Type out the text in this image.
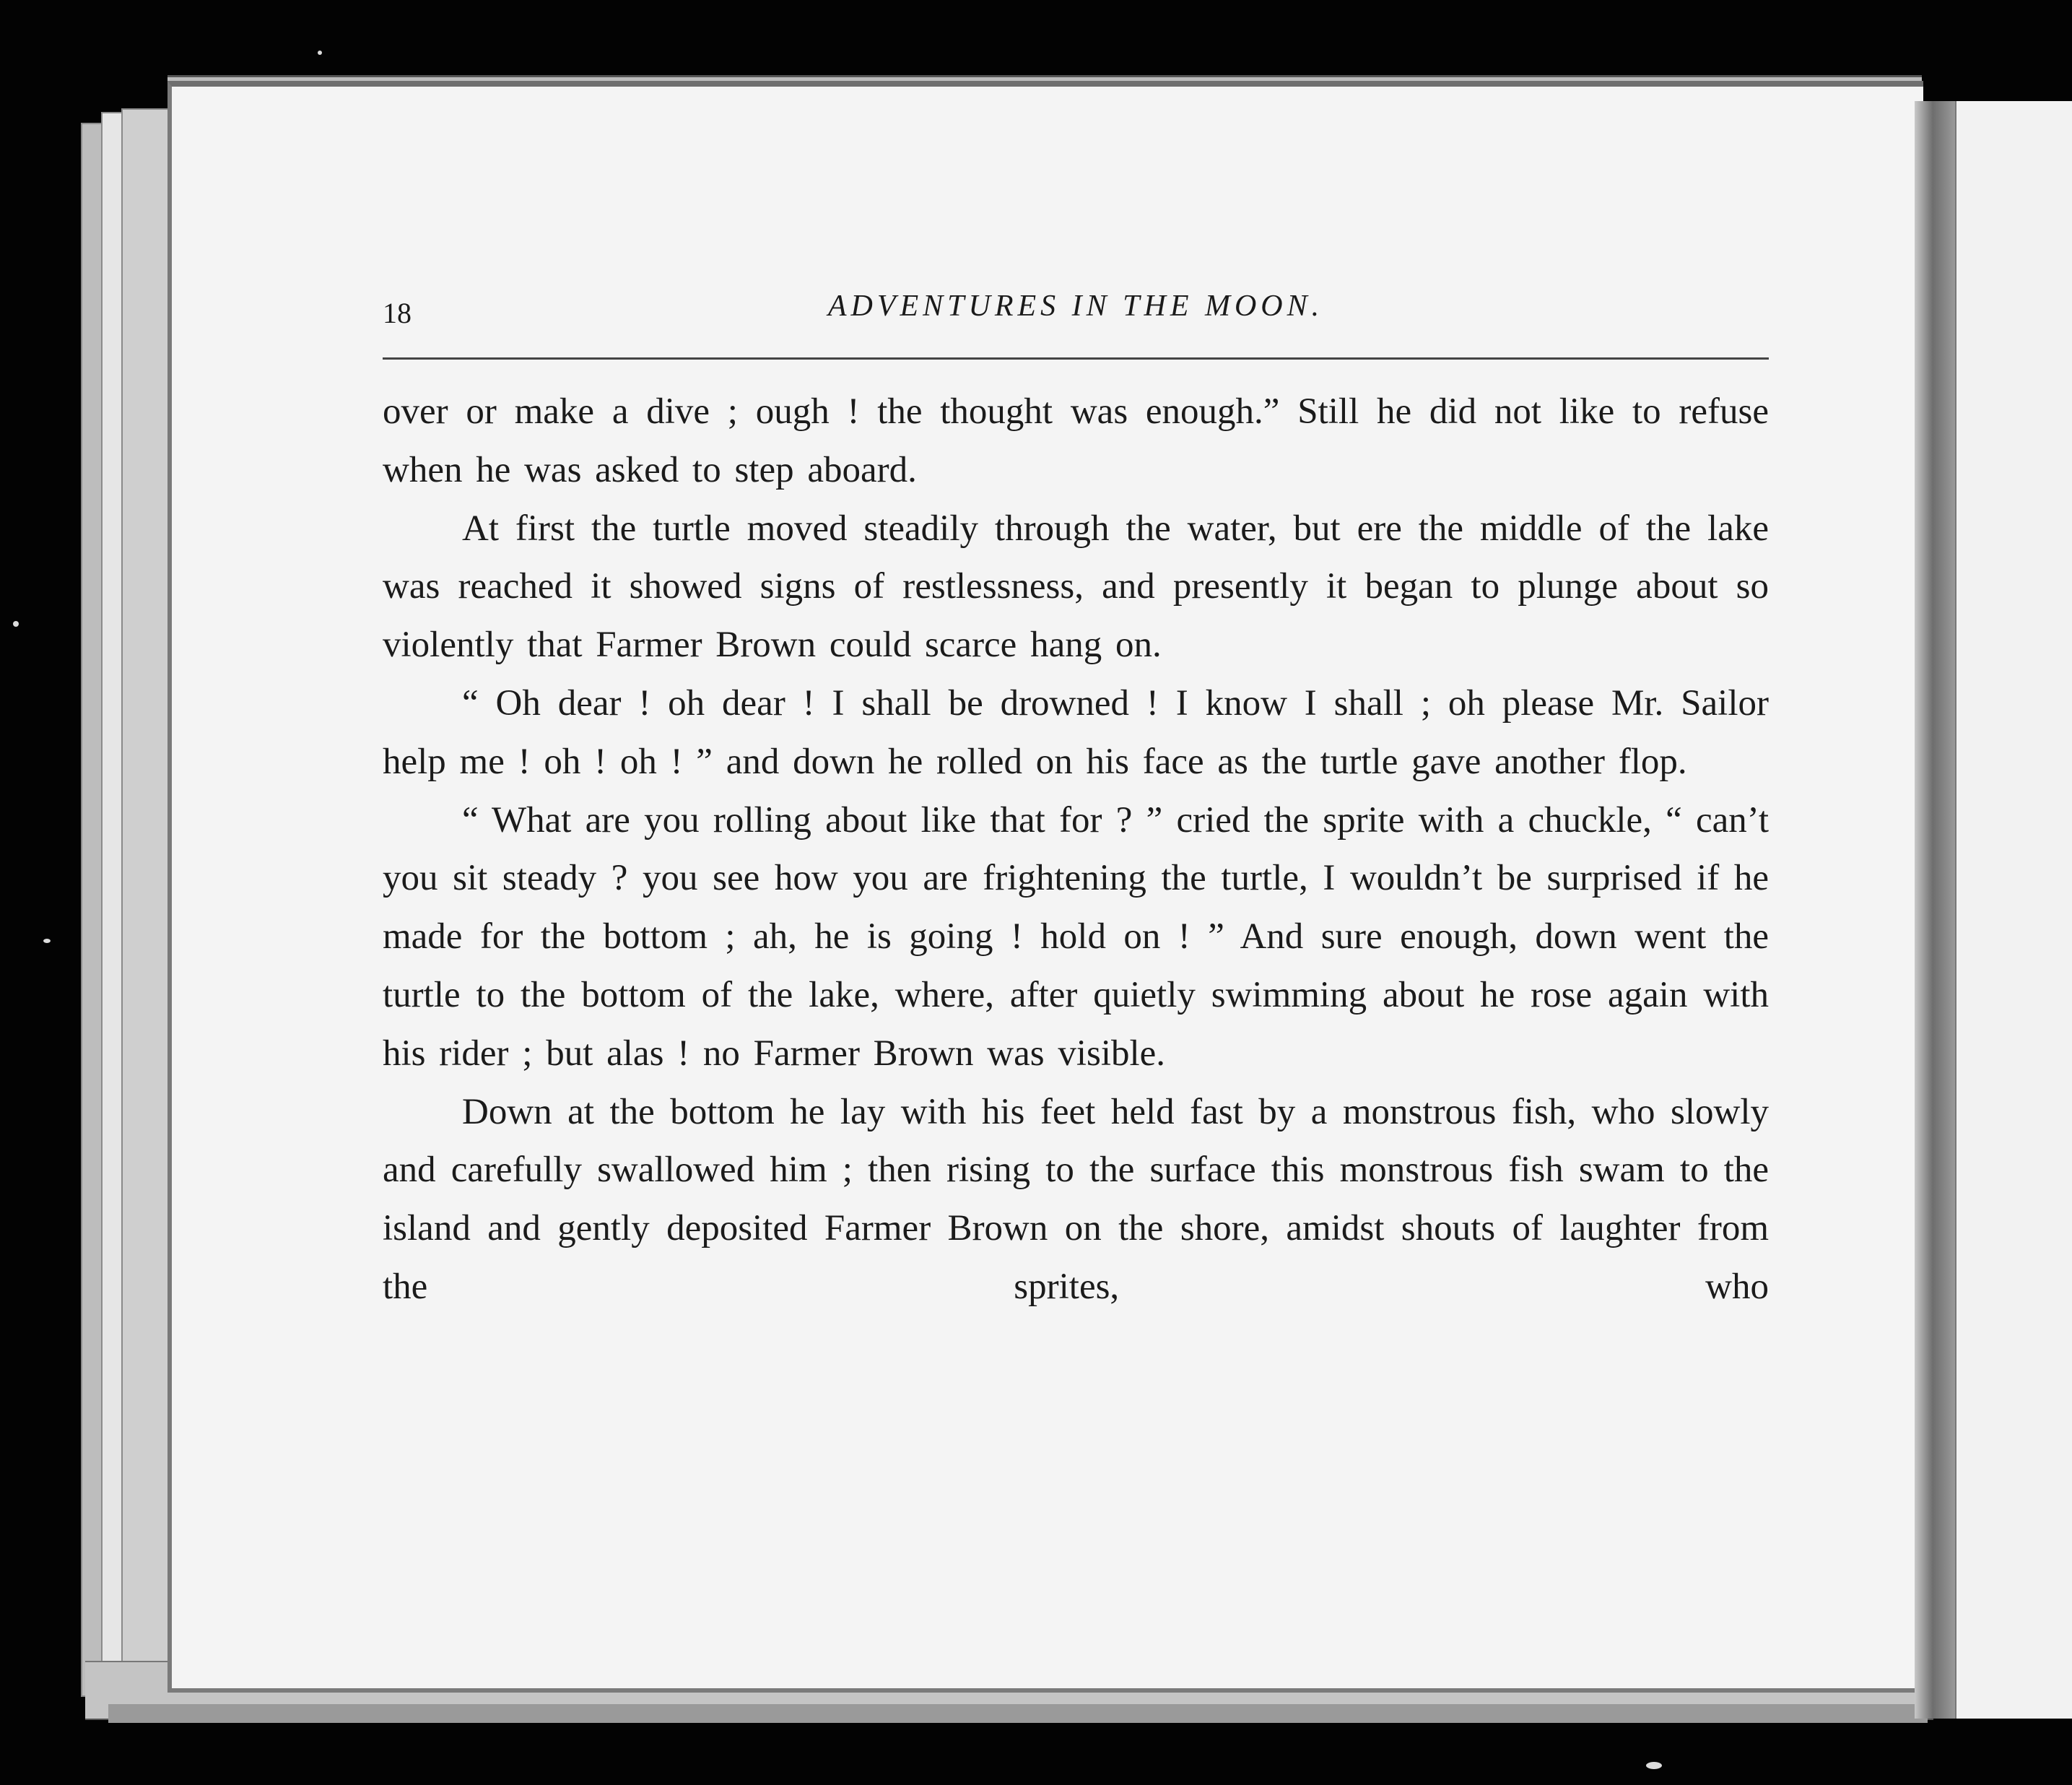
18	ADVENTURES IN THE MOON.

over or make a dive ; ough ! the thought was enough.” Still he did not like to refuse when he was asked to step aboard.

At first the turtle moved steadily through the water, but ere the middle of the lake was reached it showed signs of restlessness, and presently it began to plunge about so violently that Farmer Brown could scarce hang on.

“ Oh dear ! oh dear ! I shall be drowned ! I know I shall ; oh please Mr. Sailor help me ! oh ! oh ! ” and down he rolled on his face as the turtle gave another flop.

“ What are you rolling about like that for ? ” cried the sprite with a chuckle, “ can’t you sit steady ? you see how you are frightening the turtle, I wouldn’t be surprised if he made for the bottom ; ah, he is going ! hold on ! ” And sure enough, down went the turtle to the bottom of the lake, where, after quietly swimming about he rose again with his rider ; but alas ! no Farmer Brown was visible.

Down at the bottom he lay with his feet held fast by a monstrous fish, who slowly and carefully swallowed him ; then rising to the surface this monstrous fish swam to the island and gently deposited Farmer Brown on the shore, amidst shouts of laughter from the sprites, who
